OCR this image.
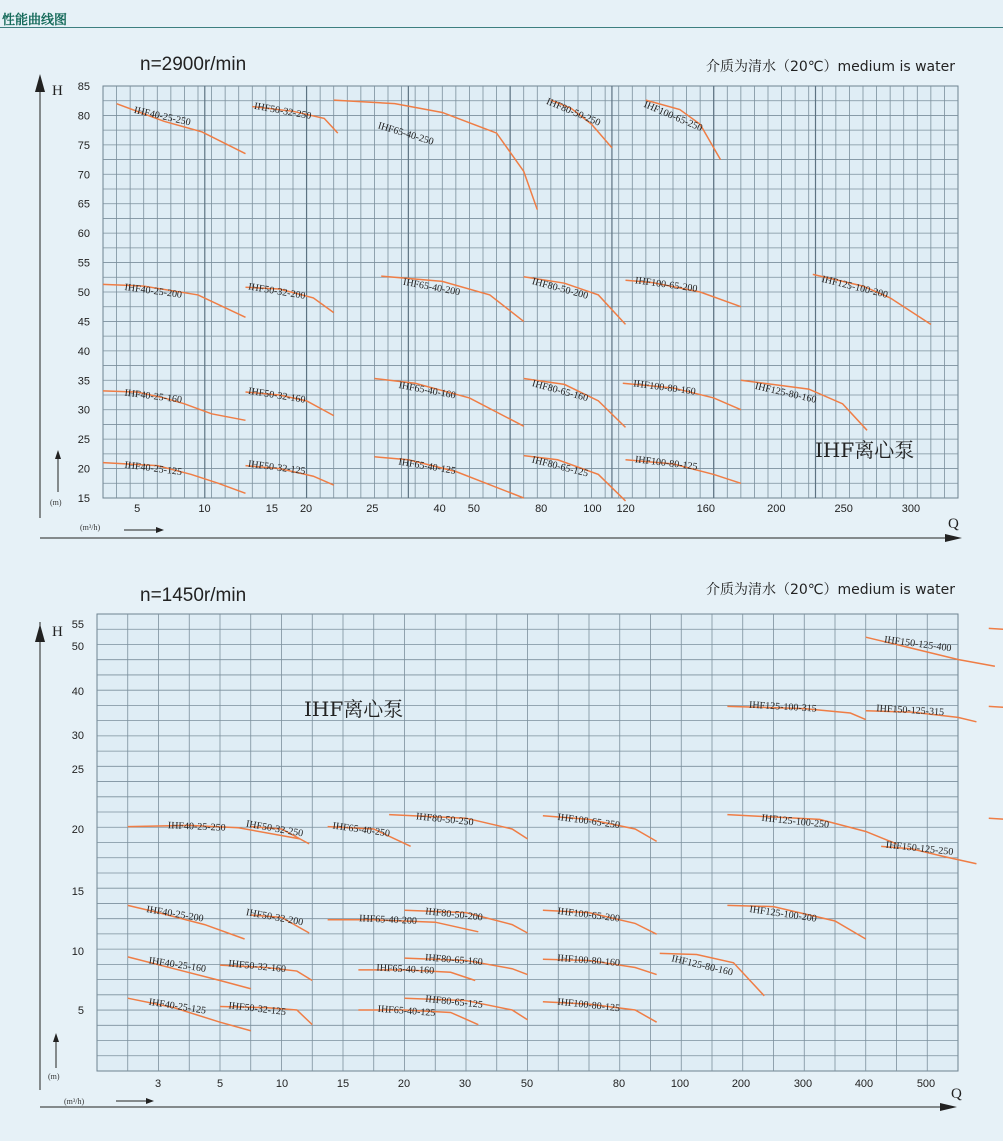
性能曲线图
n=2900r/min	介质为清水（20℃）medium is water
H
Q
(m)
(m³/h)
85
80
75
70
65
60
55
50
45
40
35
30
25
20
15
5	10	15 20	25	40 50	80	100 120	160	200	250	300
IHF离心泵
IHF40-25-250	IHF50-32-250
IHF65-40-250
IHF80-50-250	IHF100-65-250
IHF40-25-200	IHF50-32-200	IHF65-40-200	IHF80-50-200	IHF100-65-200	IHF125-100-200
IHF40-25-160	IHF50-32-160	IHF65-40-160	IHF80-65-160	IHF100-80-160	IHF125-80-160
IHF40-25-125	IHF50-32-125	IHF65-40-125	IHF80-65-125	IHF100-80-125
n=1450r/min	介质为清水（20℃）medium is water
H
Q
(m)
(m³/h)
55
50
40
30
25
20
15
10
5
3	5	10	15	20	30	50	80	100	200	300	400	500
IHF离心泵
IHF40-25-250 IHF50-32-250	IHF65-40-250
IHF80-50-250	IHF100-65-250	IHF125-100-250
IHF150-125-250
IHF40-25-200	IHF50-32-200	IHF65-40-200 IHF80-50-200	IHF100-65-200	IHF125-100-200
IHF40-25-160 IHF50-32-160	IHF65-40-160
IHF80-65-160	IHF100-80-160	IHF125-80-160
IHF40-25-125 IHF50-32-125	IHF65-40-125
IHF80-65-125	IHF100-80-125
IHF125-100-315	IHF150-125-315
IHF150-125-400
